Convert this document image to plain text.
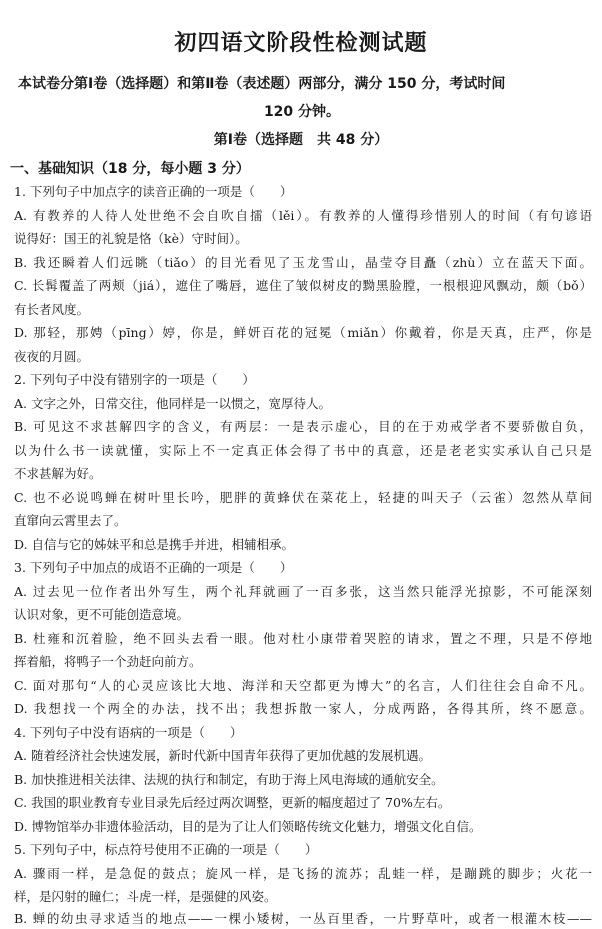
初四语文阶段性检测试题
本试卷分第Ⅰ卷（选择题）和第Ⅱ卷（表述题）两部分，满分 150 分，考试时间
120 分钟。
第Ⅰ卷（选择题　共 48 分）
一、基础知识（18 分，每小题 3 分）
1. 下列句子中加点字的读音正确的一项是（　　）
A. 有教养的人待人处世绝不会自吹自擂（lěi）。有教养的人懂得珍惜别人的时间（有句谚语
说得好：国王的礼貌是恪（kè）守时间）。
B. 我还瞬着人们远眺（tiǎo）的目光看见了玉龙雪山，晶莹夺目矗（zhù）立在蓝天下面。
C. 长髯覆盖了两颊（jiá），遮住了嘴唇，遮住了皱似树皮的黝黑脸膛，一根根迎风飘动，颇（bǒ）
有长者风度。
D. 那轻，那娉（pīng）婷，你是，鲜妍百花的冠冕（miǎn）你戴着，你是天真，庄严，你是
夜夜的月圆。
2. 下列句子中没有错别字的一项是（　　）
A. 文字之外，日常交往，他同样是一以惯之，宽厚待人。
B. 可见这不求甚解四字的含义，有两层：一是表示虚心，目的在于劝戒学者不要骄傲自负，
以为什么书一读就懂，实际上不一定真正体会得了书中的真意，还是老老实实承认自己只是
不求甚解为好。
C. 也不必说鸣蝉在树叶里长吟，肥胖的黄蜂伏在菜花上，轻捷的叫天子（云雀）忽然从草间
直窜向云霄里去了。
D. 自信与它的姊妹平和总是携手并进，相辅相承。
3. 下列句子中加点的成语不正确的一项是（　　）
A. 过去见一位作者出外写生，两个礼拜就画了一百多张，这当然只能浮光掠影，不可能深刻
认识对象，更不可能创造意境。
B. 杜雍和沉着脸，绝不回头去看一眼。他对杜小康带着哭腔的请求，置之不理，只是不停地
挥着船，将鸭子一个劲赶向前方。
C. 面对那句“人的心灵应该比大地、海洋和天空都更为博大”的名言，人们往往会自命不凡。
D. 我想找一个两全的办法，找不出；我想拆散一家人，分成两路，各得其所，终不愿意。
4. 下列句子中没有语病的一项是（　　）
A. 随着经济社会快速发展，新时代新中国青年获得了更加优越的发展机遇。
B. 加快推进相关法律、法规的执行和制定，有助于海上风电海域的通航安全。
C. 我国的职业教育专业目录先后经过两次调整，更新的幅度超过了 70%左右。
D. 博物馆举办非遗体验活动，目的是为了让人们领略传统文化魅力，增强文化自信。
5. 下列句子中，标点符号使用不正确的一项是（　　）
A. 骤雨一样，是急促的鼓点；旋风一样，是飞扬的流苏；乱蛙一样，是蹦跳的脚步；火花一
样，是闪射的瞳仁；斗虎一样，是强健的风姿。
B. 蝉的幼虫寻求适当的地点——一棵小矮树，一丛百里香，一片野草叶，或者一根灌木枝——
